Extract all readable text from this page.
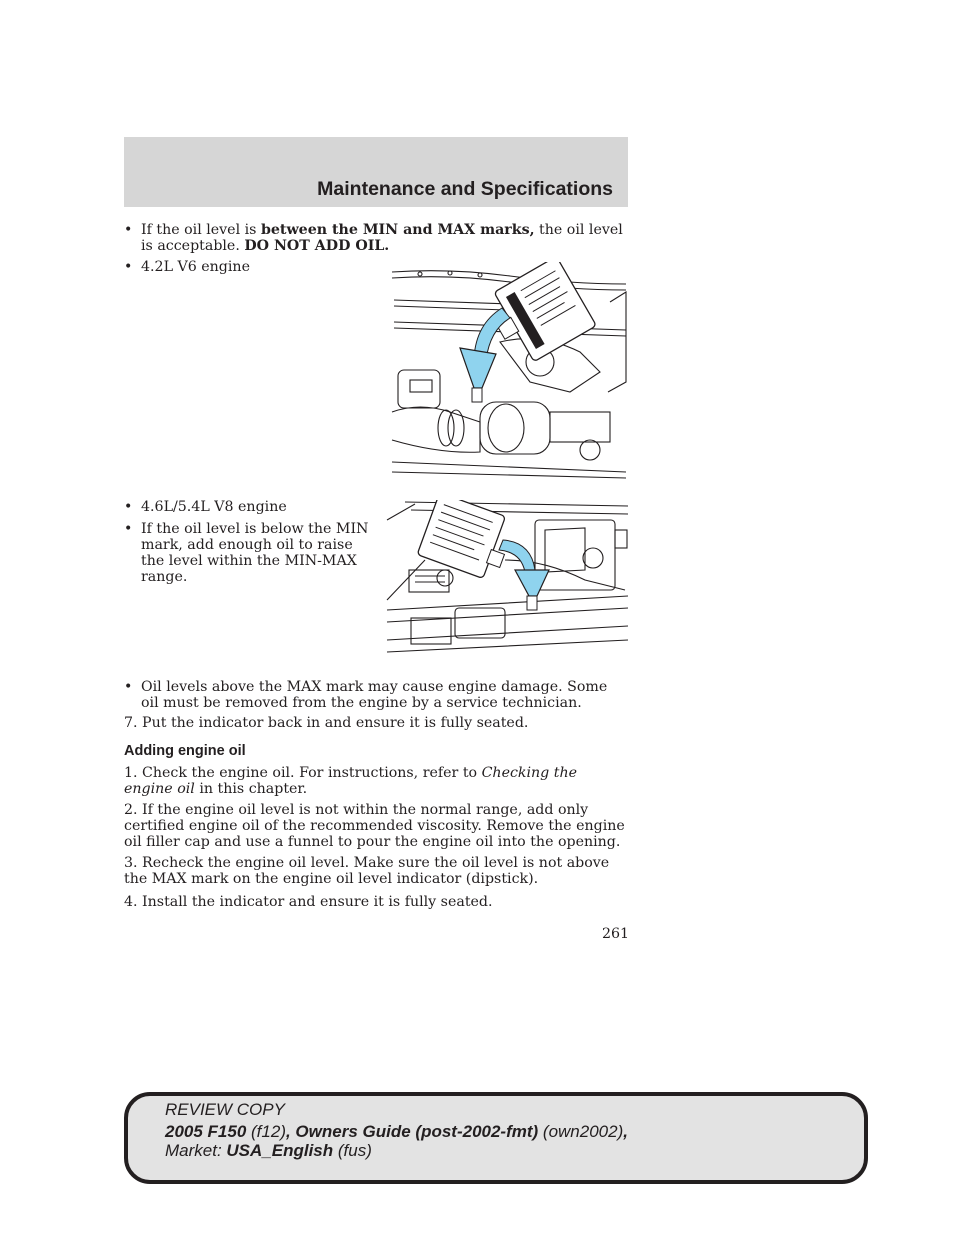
Maintenance and Specifications
• If the oil level is between the MIN and MAX marks, the oil level is acceptable. DO NOT ADD OIL.
• 4.2L V6 engine
• 4.6L/5.4L V8 engine
• If the oil level is below the MIN mark, add enough oil to raise the level within the MIN-MAX range.
• Oil levels above the MAX mark may cause engine damage. Some oil must be removed from the engine by a service technician.
7. Put the indicator back in and ensure it is fully seated.
Adding engine oil
1. Check the engine oil. For instructions, refer to Checking the engine oil in this chapter.
2. If the engine oil level is not within the normal range, add only certified engine oil of the recommended viscosity. Remove the engine oil filler cap and use a funnel to pour the engine oil into the opening.
3. Recheck the engine oil level. Make sure the oil level is not above the MAX mark on the engine oil level indicator (dipstick).
4. Install the indicator and ensure it is fully seated.
261
REVIEW COPY
2005 F150 (f12), Owners Guide (post-2002-fmt) (own2002),
Market: USA_English (fus)
